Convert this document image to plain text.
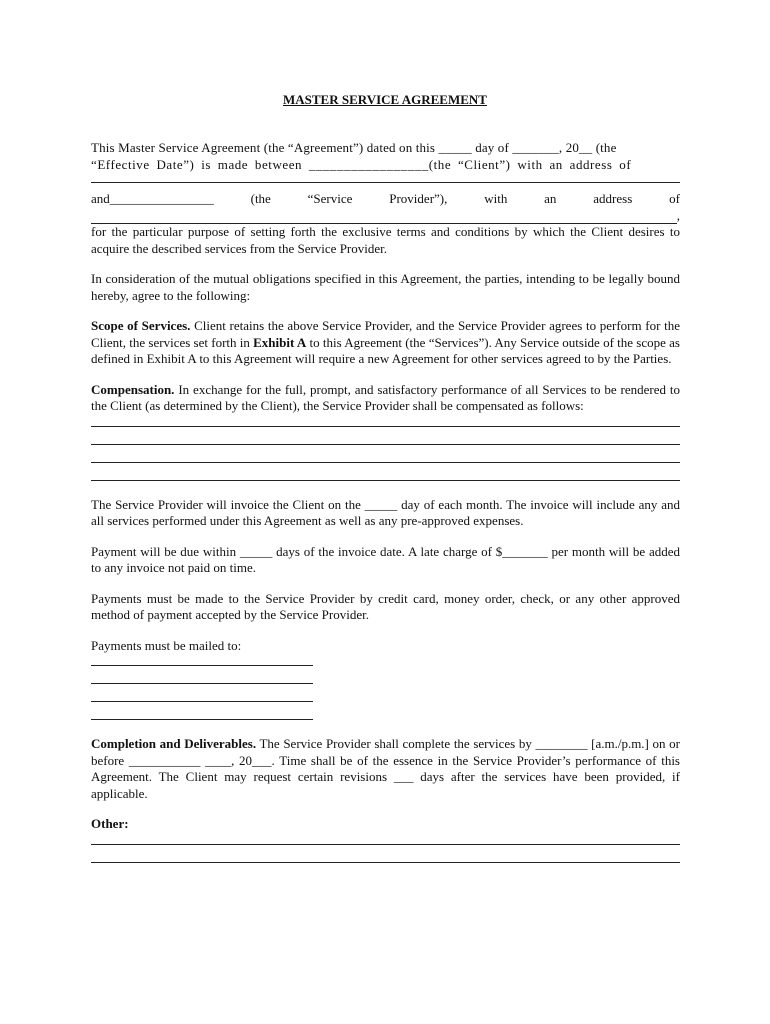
MASTER SERVICE AGREEMENT
This Master Service Agreement (the “Agreement”) dated on this _____ day of _______, 20__ (the
“Effective Date”) is made between _________________(the “Client”) with an address of
and________________	(the	“Service	Provider”),	with	an	address	of
,

for the particular purpose of setting forth the exclusive terms and conditions by which the Client desires to acquire the described services from the Service Provider.

In consideration of the mutual obligations specified in this Agreement, the parties, intending to be legally bound hereby, agree to the following:

Scope of Services. Client retains the above Service Provider, and the Service Provider agrees to perform for the Client, the services set forth in Exhibit A to this Agreement (the “Services”). Any Service outside of the scope as defined in Exhibit A to this Agreement will require a new Agreement for other services agreed to by the Parties.

Compensation. In exchange for the full, prompt, and satisfactory performance of all Services to be rendered to the Client (as determined by the Client), the Service Provider shall be compensated as follows:

The Service Provider will invoice the Client on the _____ day of each month. The invoice will include any and all services performed under this Agreement as well as any pre-approved expenses.

Payment will be due within _____ days of the invoice date. A late charge of $_______ per month will be added to any invoice not paid on time.

Payments must be made to the Service Provider by credit card, money order, check, or any other approved method of payment accepted by the Service Provider.

Payments must be mailed to:

Completion and Deliverables. The Service Provider shall complete the services by ________ [a.m./p.m.] on or before ___________ ____, 20___. Time shall be of the essence in the Service Provider’s performance of this Agreement. The Client may request certain revisions ___ days after the services have been provided, if applicable.

Other:
